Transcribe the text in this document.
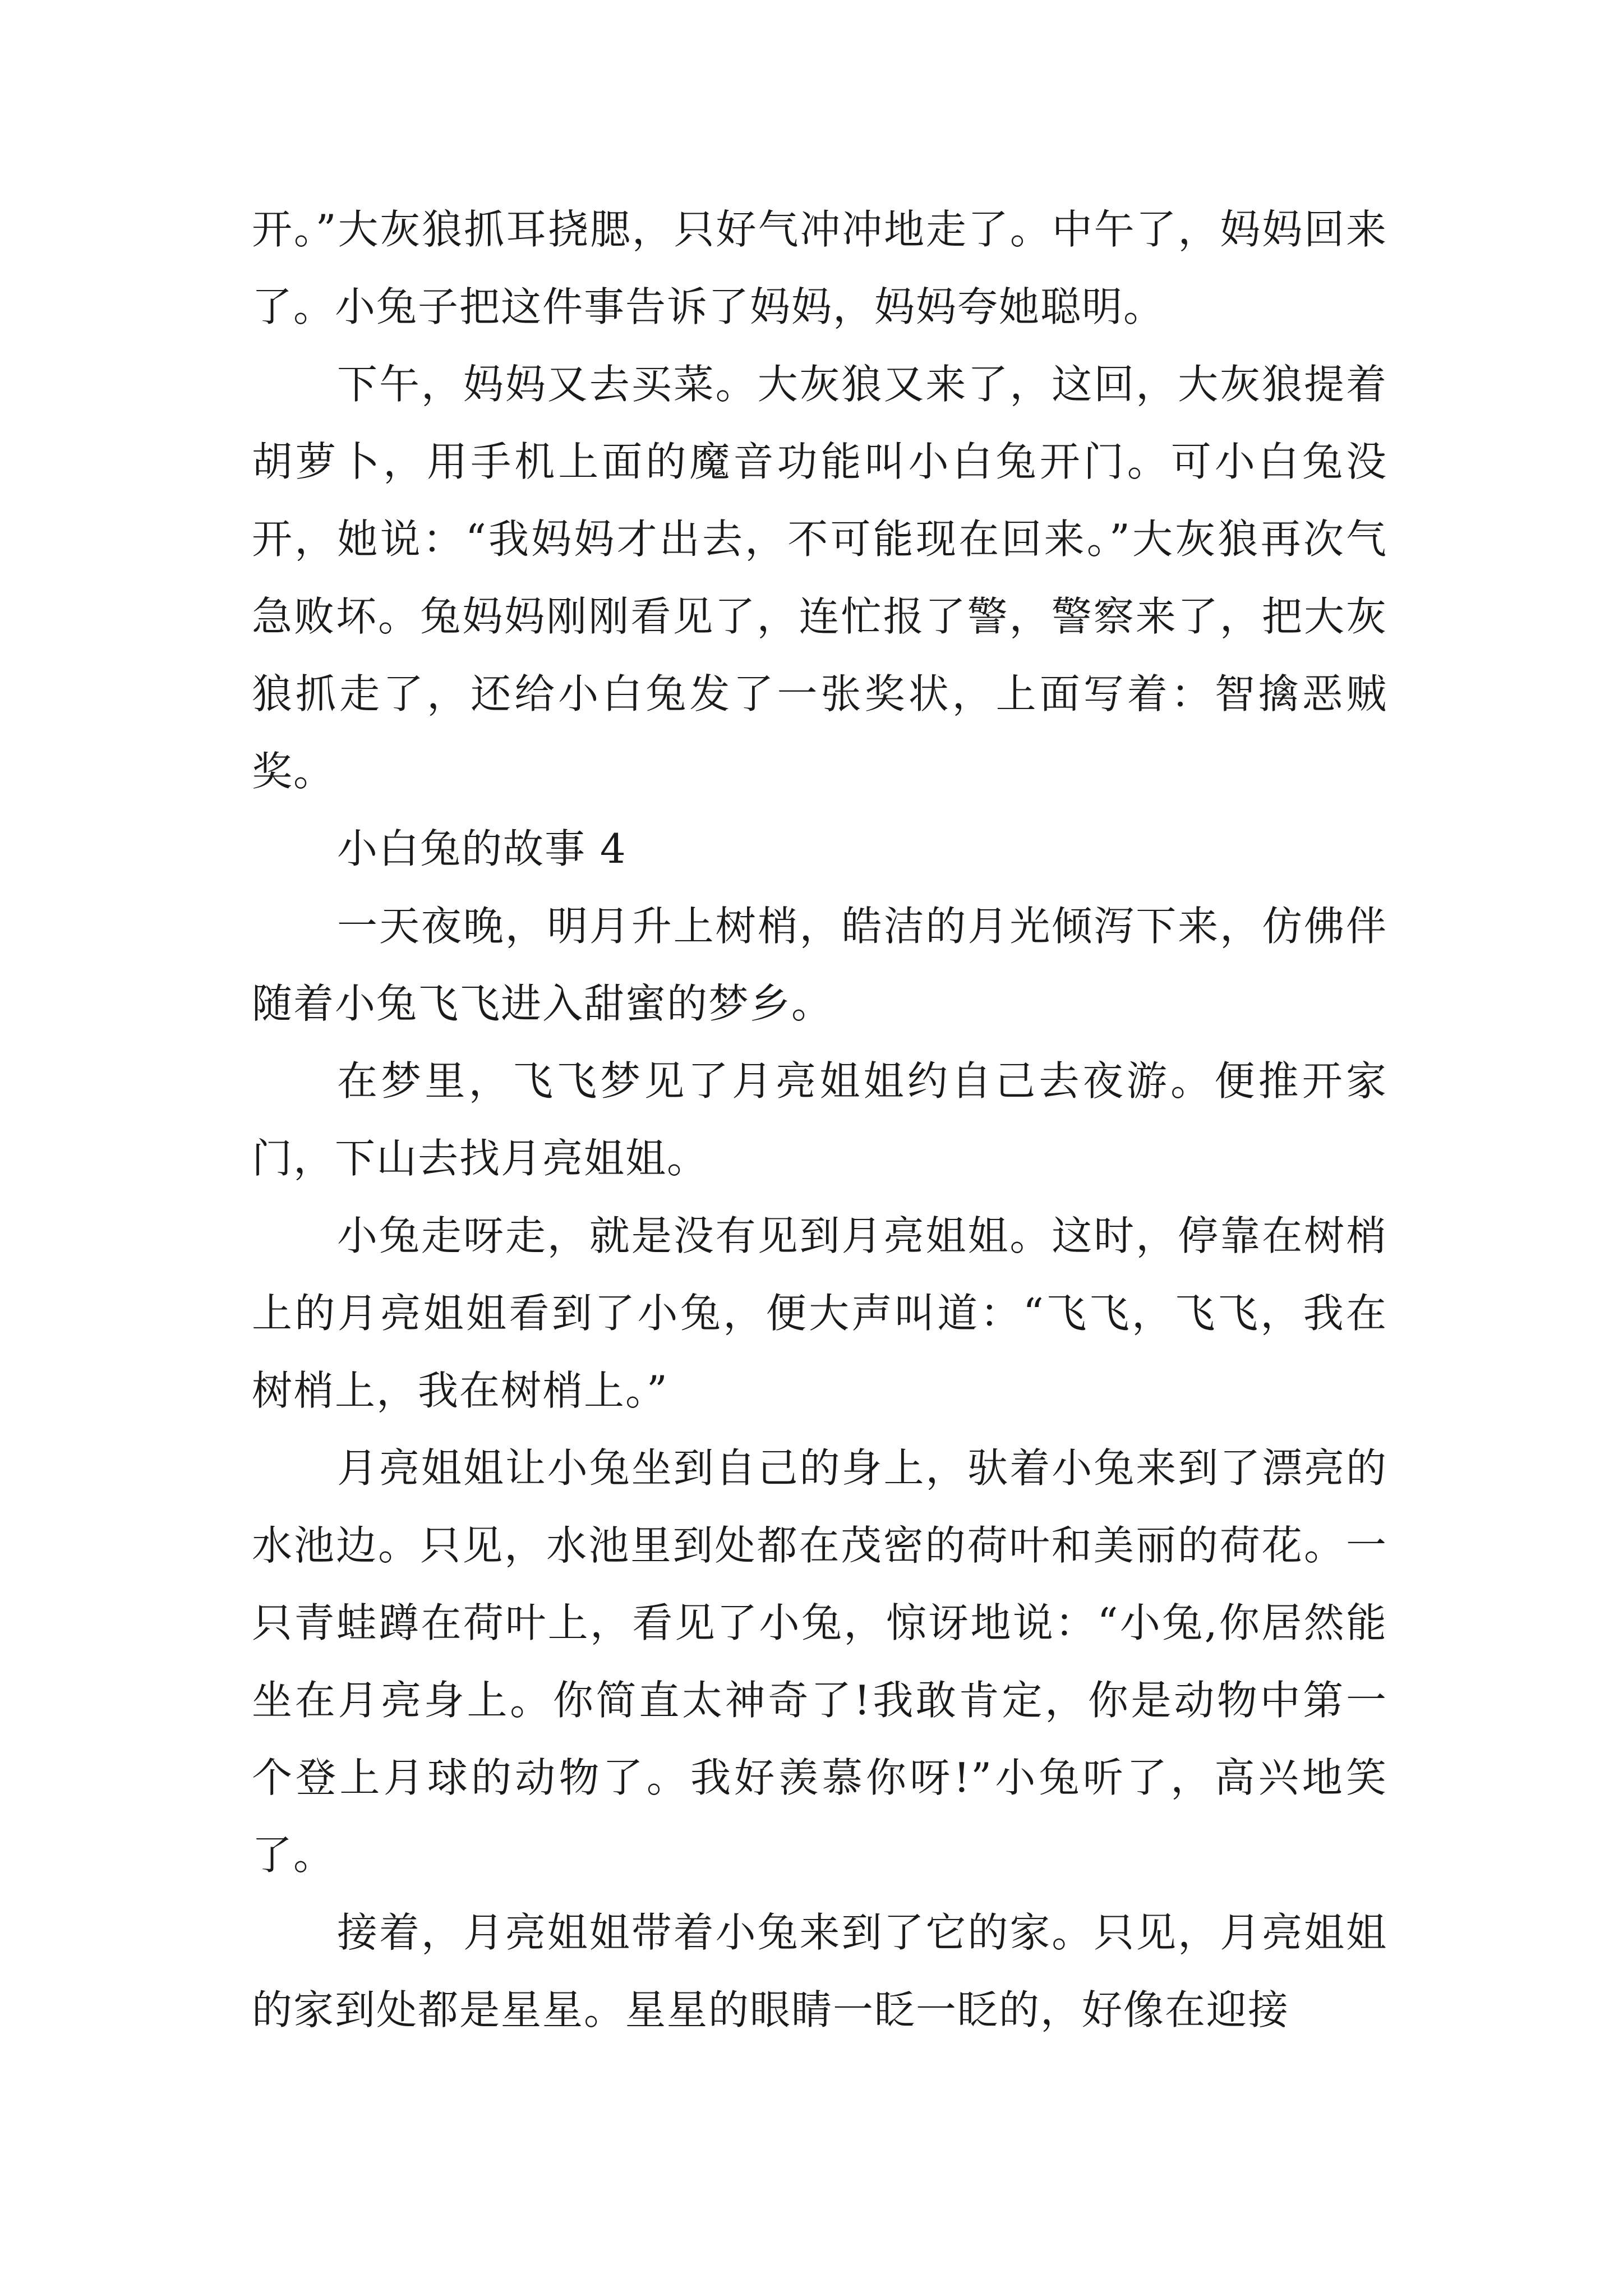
开。”大灰狼抓耳挠腮，只好气冲冲地走了。中午了，妈妈回来了。小兔子把这件事告诉了妈妈，妈妈夸她聪明。

下午，妈妈又去买菜。大灰狼又来了，这回，大灰狼提着胡萝卜，用手机上面的魔音功能叫小白兔开门。可小白兔没开，她说：“我妈妈才出去，不可能现在回来。”大灰狼再次气急败坏。兔妈妈刚刚看见了，连忙报了警，警察来了，把大灰狼抓走了，还给小白兔发了一张奖状，上面写着：智擒恶贼奖。

小白兔的故事 4

一天夜晚，明月升上树梢，皓洁的月光倾泻下来，仿佛伴随着小兔飞飞进入甜蜜的梦乡。

在梦里，飞飞梦见了月亮姐姐约自己去夜游。便推开家门，下山去找月亮姐姐。

小兔走呀走，就是没有见到月亮姐姐。这时，停靠在树梢上的月亮姐姐看到了小兔，便大声叫道：“飞飞，飞飞，我在树梢上，我在树梢上。”

月亮姐姐让小兔坐到自己的身上，驮着小兔来到了漂亮的水池边。只见，水池里到处都在茂密的荷叶和美丽的荷花。一只青蛙蹲在荷叶上，看见了小兔，惊讶地说：“小兔,你居然能坐在月亮身上。你简直太神奇了!我敢肯定，你是动物中第一个登上月球的动物了。我好羡慕你呀!”小兔听了，高兴地笑了。

接着，月亮姐姐带着小兔来到了它的家。只见，月亮姐姐的家到处都是星星。星星的眼睛一眨一眨的，好像在迎接
